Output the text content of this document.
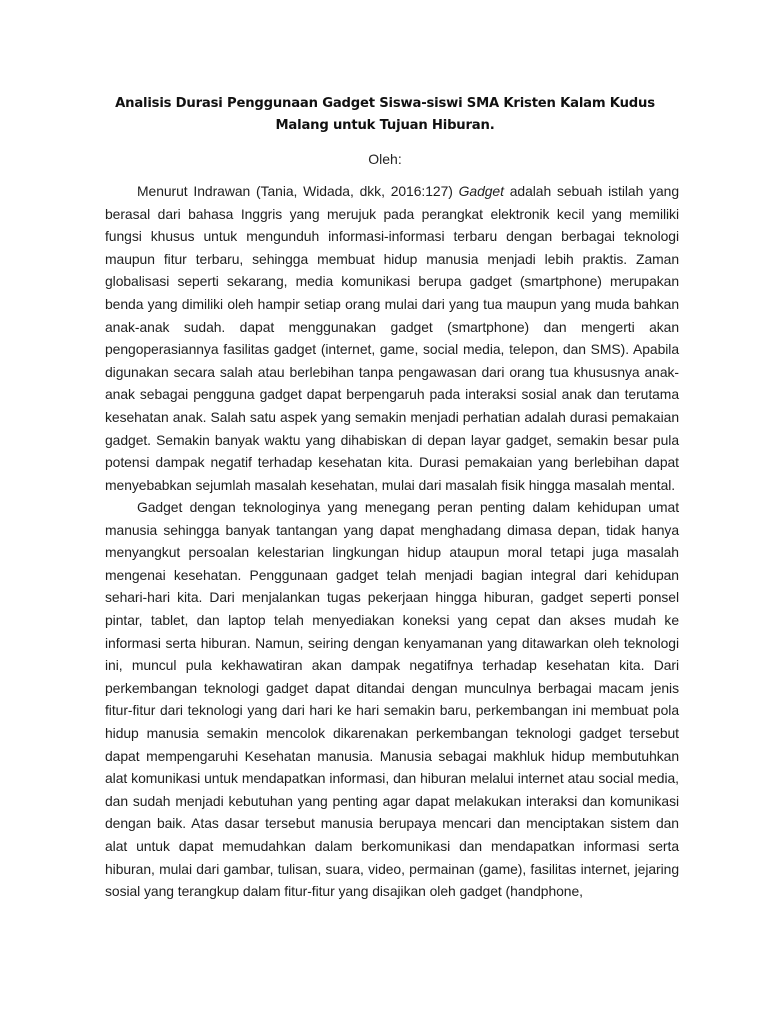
Analisis Durasi Penggunaan Gadget Siswa-siswi SMA Kristen Kalam Kudus Malang untuk Tujuan Hiburan.
Oleh:

Menurut Indrawan (Tania, Widada, dkk, 2016:127) Gadget adalah sebuah istilah yang berasal dari bahasa Inggris yang merujuk pada perangkat elektronik kecil yang memiliki fungsi khusus untuk mengunduh informasi-informasi terbaru dengan berbagai teknologi maupun fitur terbaru, sehingga membuat hidup manusia menjadi lebih praktis. Zaman globalisasi seperti sekarang, media komunikasi berupa gadget (smartphone) merupakan benda yang dimiliki oleh hampir setiap orang mulai dari yang tua maupun yang muda bahkan anak-anak sudah. dapat menggunakan gadget (smartphone) dan mengerti akan pengoperasiannya fasilitas gadget (internet, game, social media, telepon, dan SMS). Apabila digunakan secara salah atau berlebihan tanpa pengawasan dari orang tua khususnya anak-anak sebagai pengguna gadget dapat berpengaruh pada interaksi sosial anak dan terutama kesehatan anak. Salah satu aspek yang semakin menjadi perhatian adalah durasi pemakaian gadget. Semakin banyak waktu yang dihabiskan di depan layar gadget, semakin besar pula potensi dampak negatif terhadap kesehatan kita. Durasi pemakaian yang berlebihan dapat menyebabkan sejumlah masalah kesehatan, mulai dari masalah fisik hingga masalah mental.

Gadget dengan teknologinya yang menegang peran penting dalam kehidupan umat manusia sehingga banyak tantangan yang dapat menghadang dimasa depan, tidak hanya menyangkut persoalan kelestarian lingkungan hidup ataupun moral tetapi juga masalah mengenai kesehatan. Penggunaan gadget telah menjadi bagian integral dari kehidupan sehari-hari kita. Dari menjalankan tugas pekerjaan hingga hiburan, gadget seperti ponsel pintar, tablet, dan laptop telah menyediakan koneksi yang cepat dan akses mudah ke informasi serta hiburan. Namun, seiring dengan kenyamanan yang ditawarkan oleh teknologi ini, muncul pula kekhawatiran akan dampak negatifnya terhadap kesehatan kita. Dari perkembangan teknologi gadget dapat ditandai dengan munculnya berbagai macam jenis fitur-fitur dari teknologi yang dari hari ke hari semakin baru, perkembangan ini membuat pola hidup manusia semakin mencolok dikarenakan perkembangan teknologi gadget tersebut dapat mempengaruhi Kesehatan manusia. Manusia sebagai makhluk hidup membutuhkan alat komunikasi untuk mendapatkan informasi, dan hiburan melalui internet atau social media, dan sudah menjadi kebutuhan yang penting agar dapat melakukan interaksi dan komunikasi dengan baik. Atas dasar tersebut manusia berupaya mencari dan menciptakan sistem dan alat untuk dapat memudahkan dalam berkomunikasi dan mendapatkan informasi serta hiburan, mulai dari gambar, tulisan, suara, video, permainan (game), fasilitas internet, jejaring sosial yang terangkup dalam fitur-fitur yang disajikan oleh gadget (handphone,
